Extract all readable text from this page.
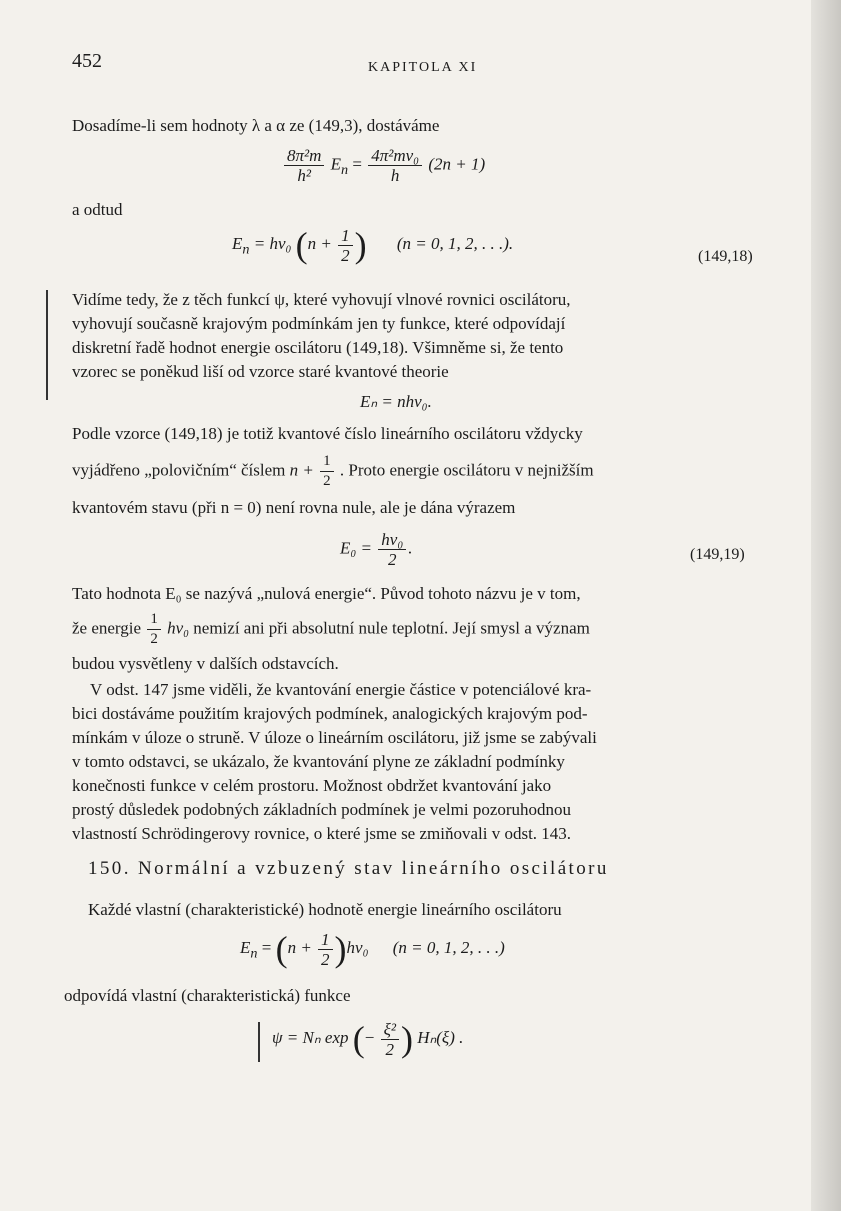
452	KAPITOLA XI
Dosadíme-li sem hodnoty λ a α ze (149,3), dostáváme
$\frac{\text{8π²m}}{\text{h²}} E_n = \frac{\text{4π²mν₀}}{h} (2n + 1)$
a odtud
$E_n = h\nu_0$ ($n + \frac{1}{2}$ ) (n = 0, 1, 2, . . .).
(149,18)
Vidíme tedy, že z těch funkcí ψ, které vyhovují vlnové rovnici oscilátoru,
vyhovují současně krajovým podmínkám jen ty funkce, které odpovídají
diskretní řadě hodnot energie oscilátoru (149,18). Všimněme si, že tento
vzorec se poněkud liší od vzorce staré kvantové theorie
Eₙ = nhν₀.
Podle vzorce (149,18) je totiž kvantové číslo lineárního oscilátoru vždycky
vyjádřeno „polovičním“ číslem $n + \frac{1}{2}$ . Proto energie oscilátoru v nejnižším
kvantovém stavu (při n = 0) není rovna nule, ale je dána výrazem
$E_0 = \frac{\text{hν₀}}{2}$ .	(149,19)
Tato hodnota E₀ se nazývá „nulová energie“. Původ tohoto názvu je v tom,
že energie $\frac{1}{2} h\nu_0$ nemizí ani při absolutní nule teplotní. Její smysl a význam
budou vysvětleny v dalších odstavcích.
V odst. 147 jsme viděli, že kvantování energie částice v potenciálové kra-
bici dostáváme použitím krajových podmínek, analogických krajovým pod-
mínkám v úloze o struně. V úloze o lineárním oscilátoru, již jsme se zabývali
v tomto odstavci, se ukázalo, že kvantování plyne ze základní podmínky
konečnosti funkce v celém prostoru. Možnost obdržet kvantování jako
prostý důsledek podobných základních podmínek je velmi pozoruhodnou
vlastností Schrödingerovy rovnice, o které jsme se zmiňovali v odst. 143.
150. Normální a vzbuzený stav lineárního oscilátoru
Každé vlastní (charakteristické) hodnotě energie lineárního oscilátoru
$E_n = (n + \frac{1}{2} )h\nu_0$ (n = 0, 1, 2, . . .)
odpovídá vlastní (charakteristická) funkce
ψ = Nₙ exp (− $\frac{\text{ξ²}}{2}$ ) Hₙ(ξ) .
